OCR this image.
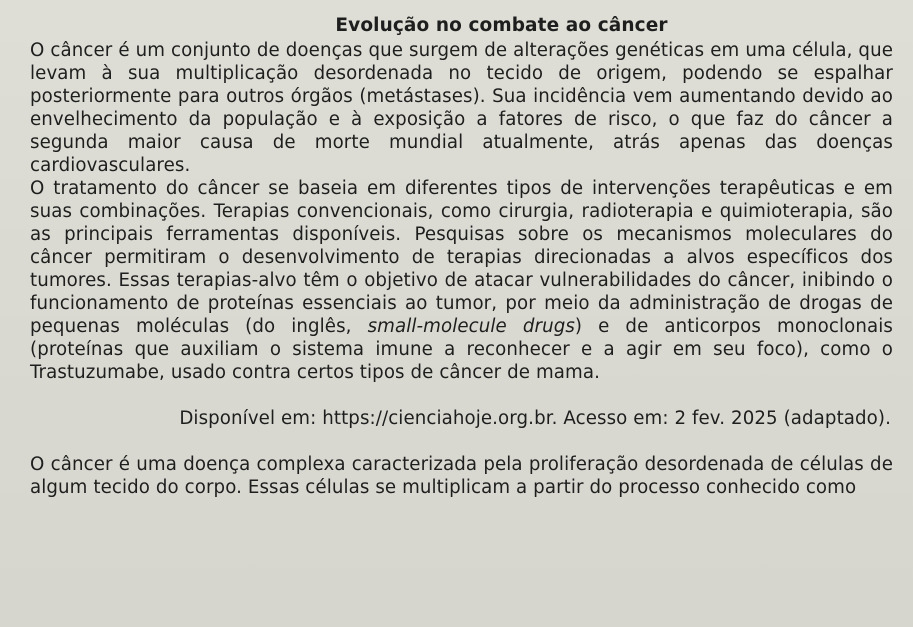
Evolução no combate ao câncer

O câncer é um conjunto de doenças que surgem de alterações genéticas em uma célula, que levam à sua multiplicação desordenada no tecido de origem, podendo se espalhar posteriormente para outros órgãos (metástases). Sua incidência vem aumentando devido ao envelhecimento da população e à exposição a fatores de risco, o que faz do câncer a segunda maior causa de morte mundial atualmente, atrás apenas das doenças cardiovasculares.

O tratamento do câncer se baseia em diferentes tipos de intervenções terapêuticas e em suas combinações. Terapias convencionais, como cirurgia, radioterapia e quimioterapia, são as principais ferramentas disponíveis. Pesquisas sobre os mecanismos moleculares do câncer permitiram o desenvolvimento de terapias direcionadas a alvos específicos dos tumores. Essas terapias-alvo têm o objetivo de atacar vulnerabilidades do câncer, inibindo o funcionamento de proteínas essenciais ao tumor, por meio da administração de drogas de pequenas moléculas (do inglês, small-molecule drugs) e de anticorpos monoclonais (proteínas que auxiliam o sistema imune a reconhecer e a agir em seu foco), como o Trastuzumabe, usado contra certos tipos de câncer de mama.

Disponível em: https://cienciahoje.org.br. Acesso em: 2 fev. 2025 (adaptado).

O câncer é uma doença complexa caracterizada pela proliferação desordenada de células de algum tecido do corpo. Essas células se multiplicam a partir do processo conhecido como
